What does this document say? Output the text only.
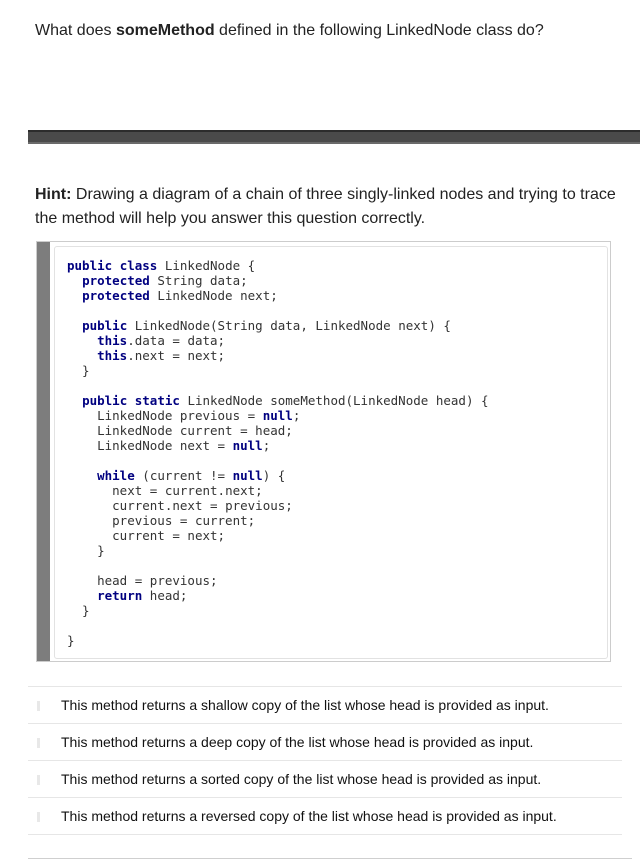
What does someMethod defined in the following LinkedNode class do?
Hint: Drawing a diagram of a chain of three singly-linked nodes and trying to trace the method will help you answer this question correctly.
public class LinkedNode {
protected String data;
protected LinkedNode next;

public LinkedNode(String data, LinkedNode next) {
this.data = data;
this.next = next;
}

public static LinkedNode someMethod(LinkedNode head) {
LinkedNode previous = null;
LinkedNode current = head;
LinkedNode next = null;

while (current != null) {
next = current.next;
current.next = previous;
previous = current;
current = next;
}

head = previous;
return head;
}

}
This method returns a shallow copy of the list whose head is provided as input.
This method returns a deep copy of the list whose head is provided as input.
This method returns a sorted copy of the list whose head is provided as input.
This method returns a reversed copy of the list whose head is provided as input.
